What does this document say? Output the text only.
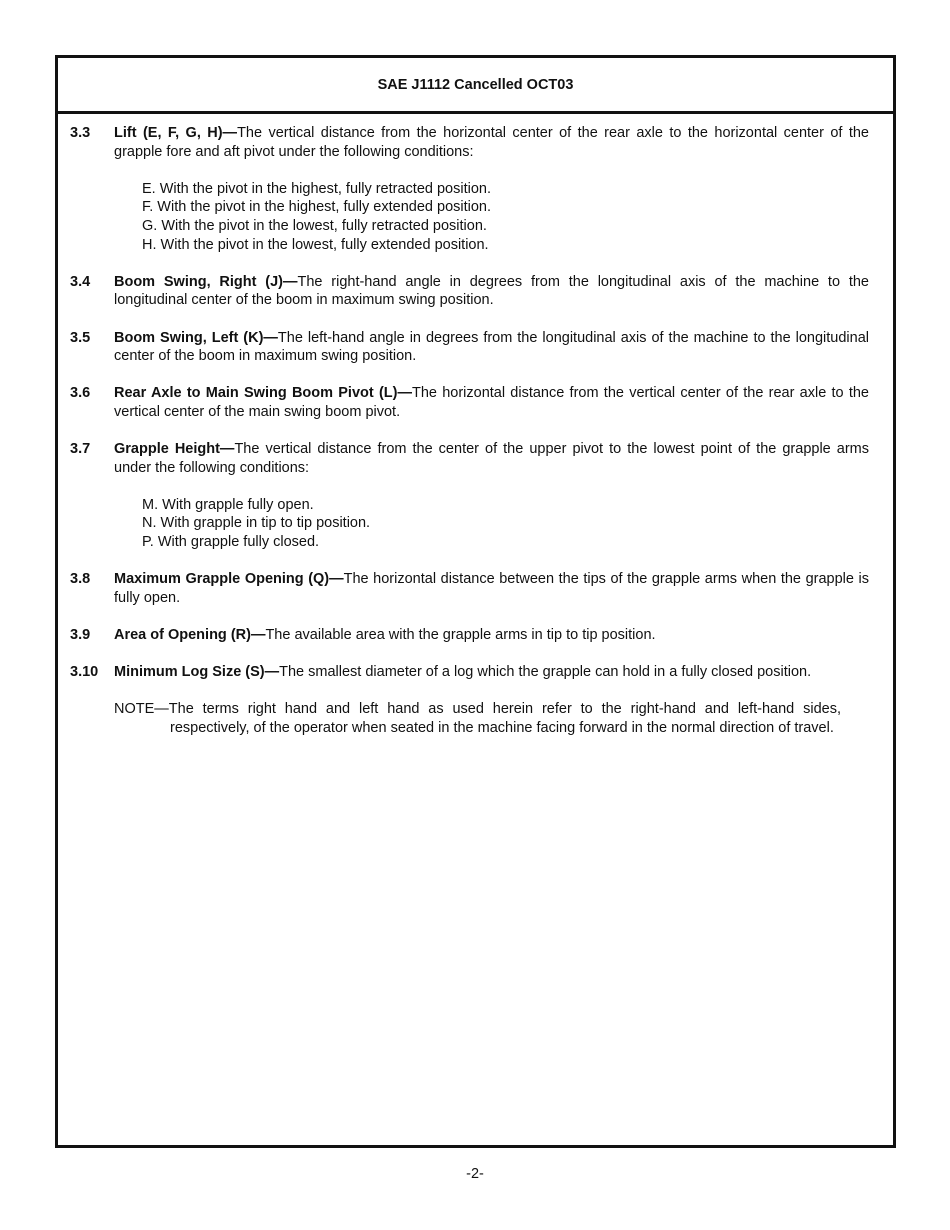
SAE J1112 Cancelled OCT03
3.3	Lift (E, F, G, H)—The vertical distance from the horizontal center of the rear axle to the horizontal center of the grapple fore and aft pivot under the following conditions:
E. With the pivot in the highest, fully retracted position.
F. With the pivot in the highest, fully extended position.
G. With the pivot in the lowest, fully retracted position.
H. With the pivot in the lowest, fully extended position.
3.4	Boom Swing, Right (J)—The right-hand angle in degrees from the longitudinal axis of the machine to the longitudinal center of the boom in maximum swing position.
3.5	Boom Swing, Left (K)—The left-hand angle in degrees from the longitudinal axis of the machine to the longitudinal center of the boom in maximum swing position.
3.6	Rear Axle to Main Swing Boom Pivot (L)—The horizontal distance from the vertical center of the rear axle to the vertical center of the main swing boom pivot.
3.7	Grapple Height—The vertical distance from the center of the upper pivot to the lowest point of the grapple arms under the following conditions:
M. With grapple fully open.
N. With grapple in tip to tip position.
P. With grapple fully closed.
3.8	Maximum Grapple Opening (Q)—The horizontal distance between the tips of the grapple arms when the grapple is fully open.
3.9	Area of Opening (R)—The available area with the grapple arms in tip to tip position.
3.10	Minimum Log Size (S)—The smallest diameter of a log which the grapple can hold in a fully closed position.
NOTE—The terms right hand and left hand as used herein refer to the right-hand and left-hand sides, respectively, of the operator when seated in the machine facing forward in the normal direction of travel.
-2-
